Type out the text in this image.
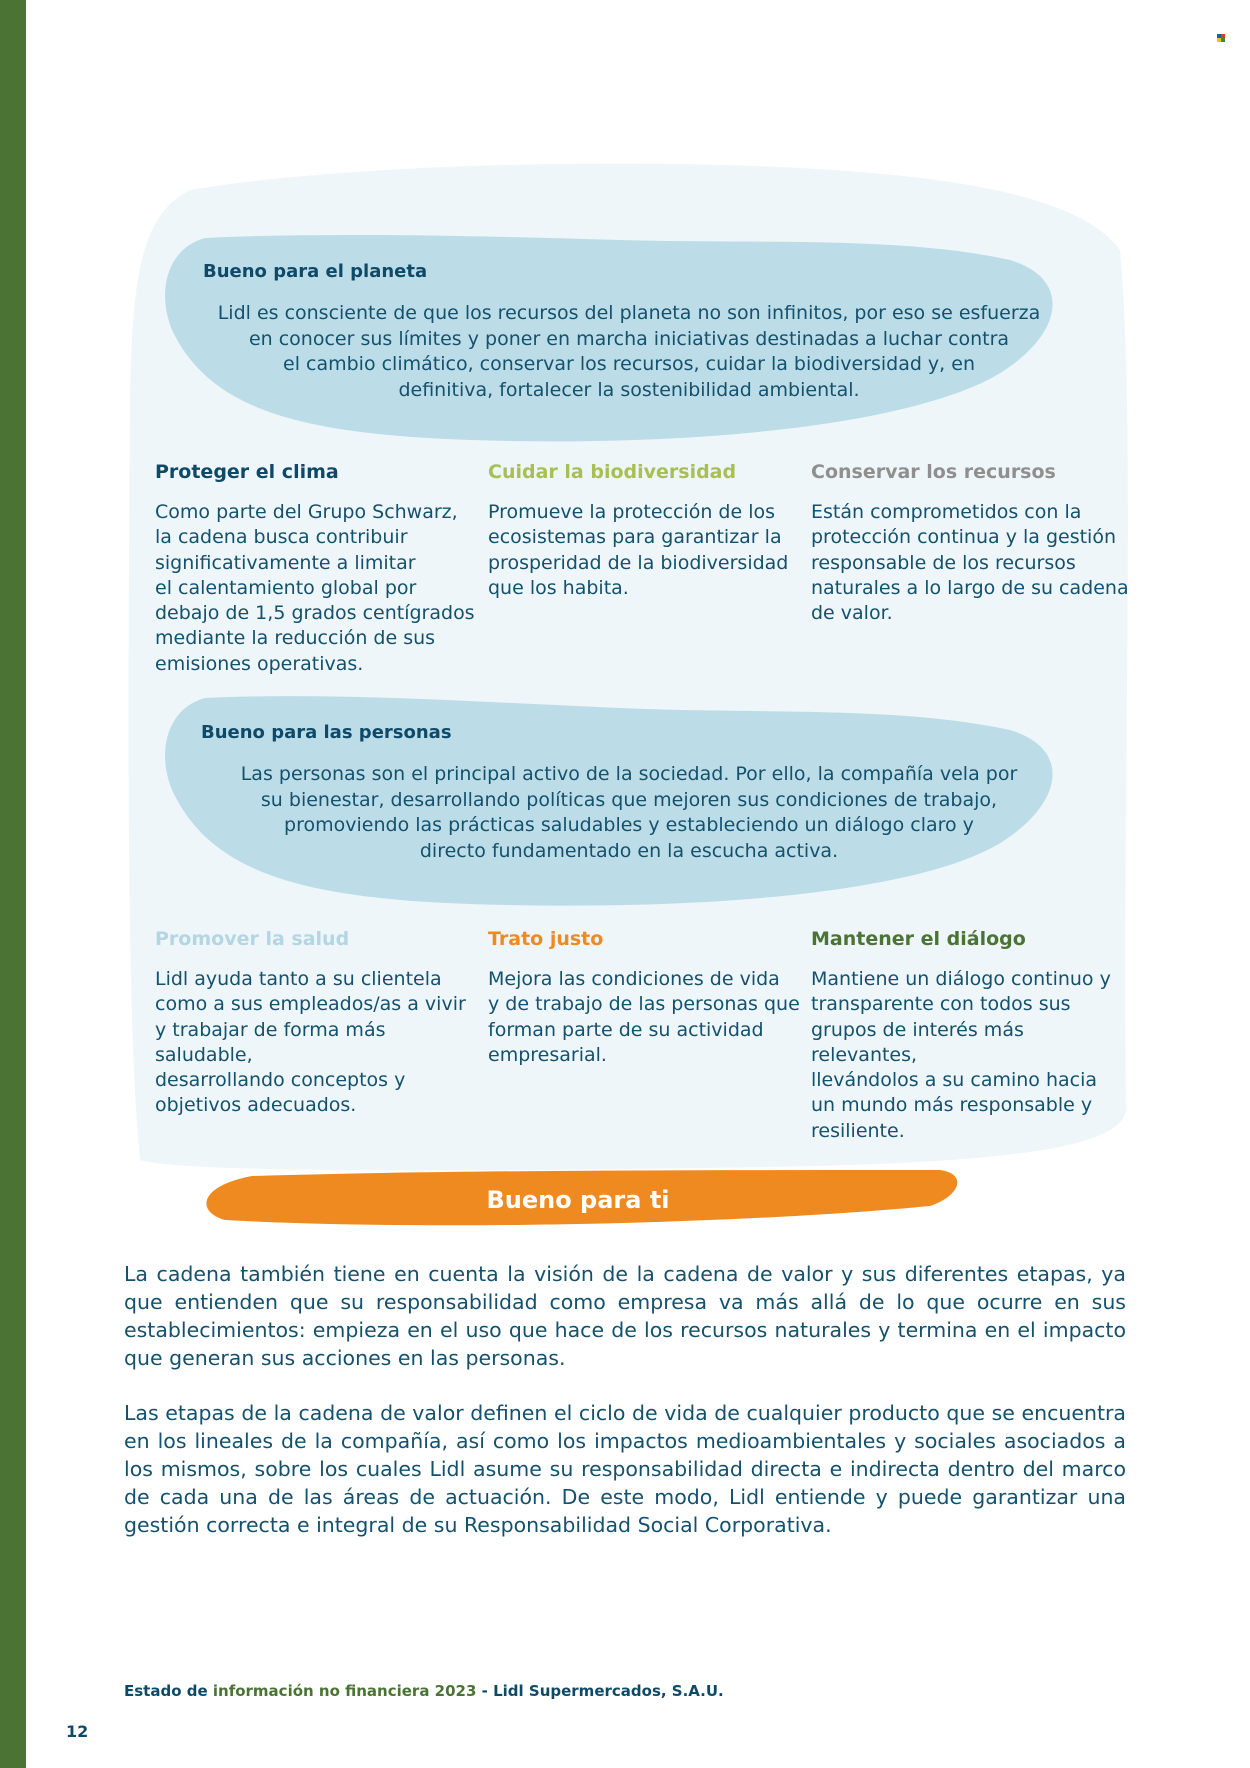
Bueno para el planeta
Lidl es consciente de que los recursos del planeta no son infinitos, por eso se esfuerza
en conocer sus límites y poner en marcha iniciativas destinadas a luchar contra
el cambio climático, conservar los recursos, cuidar la biodiversidad y, en
definitiva, fortalecer la sostenibilidad ambiental.
Proteger el clima
Como parte del Grupo Schwarz,
la cadena busca contribuir
significativamente a limitar
el calentamiento global por
debajo de 1,5 grados centígrados
mediante la reducción de sus
emisiones operativas.
Cuidar la biodiversidad
Promueve la protección de los
ecosistemas para garantizar la
prosperidad de la biodiversidad
que los habita.
Conservar los recursos
Están comprometidos con la
protección continua y la gestión
responsable de los recursos
naturales a lo largo de su cadena
de valor.
Bueno para las personas
Las personas son el principal activo de la sociedad. Por ello, la compañía vela por
su bienestar, desarrollando políticas que mejoren sus condiciones de trabajo,
promoviendo las prácticas saludables y estableciendo un diálogo claro y
directo fundamentado en la escucha activa.
Promover la salud
Lidl ayuda tanto a su clientela
como a sus empleados/as a vivir
y trabajar de forma más saludable,
desarrollando conceptos y
objetivos adecuados.
Trato justo
Mejora las condiciones de vida
y de trabajo de las personas que
forman parte de su actividad
empresarial.
Mantener el diálogo
Mantiene un diálogo continuo y
transparente con todos sus
grupos de interés más relevantes,
llevándolos a su camino hacia
un mundo más responsable y
resiliente.
Bueno para ti
La cadena también tiene en cuenta la visión de la cadena de valor y sus diferentes etapas, ya que entienden que su responsabilidad como empresa va más allá de lo que ocurre en sus establecimientos: empieza en el uso que hace de los recursos naturales y termina en el impacto que generan sus acciones en las personas.
Las etapas de la cadena de valor definen el ciclo de vida de cualquier producto que se encuentra en los lineales de la compañía, así como los impactos medioambientales y sociales asociados a los mismos, sobre los cuales Lidl asume su responsabilidad directa e indirecta dentro del marco de cada una de las áreas de actuación. De este modo, Lidl entiende y puede garantizar una gestión correcta e integral de su Responsabilidad Social Corporativa.
Estado de información no financiera 2023 - Lidl Supermercados, S.A.U.
12
